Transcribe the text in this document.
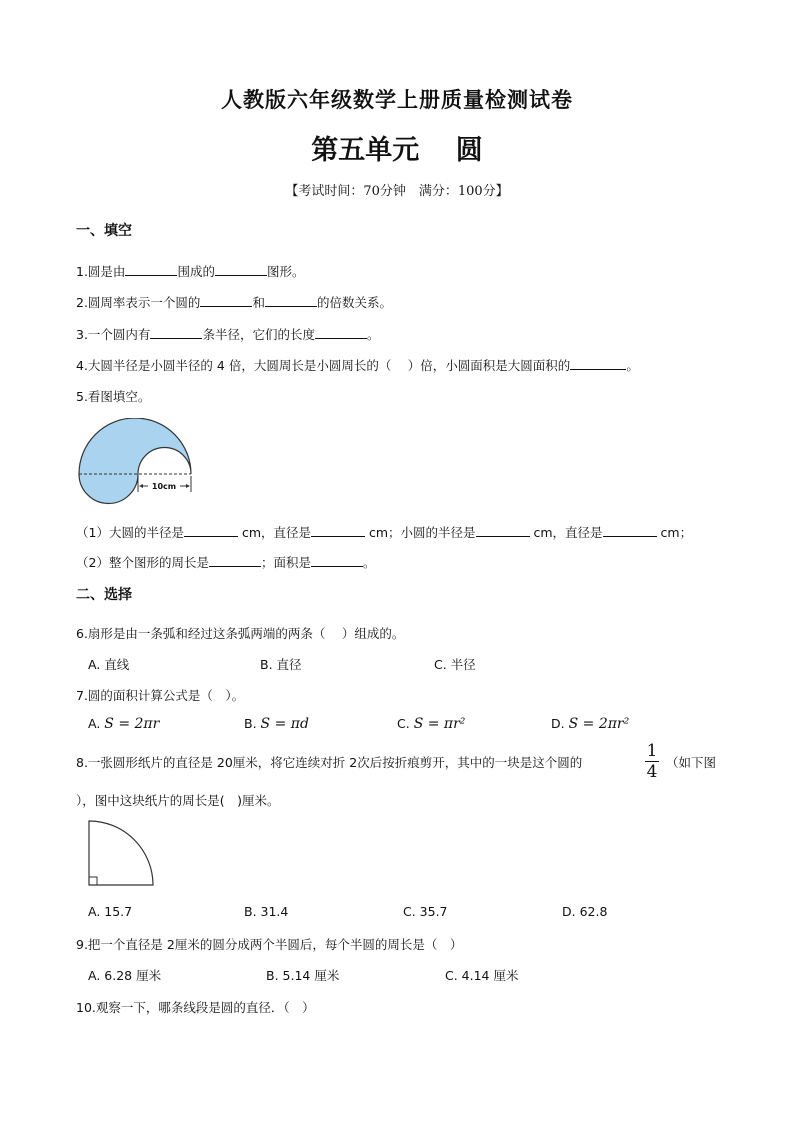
人教版六年级数学上册质量检测试卷
第五单元　 圆
【考试时间：70分钟　满分：100分】
一、填空
1.圆是由	围成的	图形。
2.圆周率表示一个圆的	和	的倍数关系。
3.一个圆内有	条半径，它们的长度	。
4.大圆半径是小圆半径的 4 倍，大圆周长是小圆周长的（　 ）倍，小圆面积是大圆面积的	。
5.看图填空。
10cm
（1）大圆的半径是	cm，直径是	cm；小圆的半径是	cm，直径是	cm；
（2）整个图形的周长是	；面积是	。
二、选择
6.扇形是由一条弧和经过这条弧两端的两条（　 ）组成的。
A. 直线	B. 直径	C. 半径
7.圆的面积计算公式是（　）。
A. S = 2πr	B. S = πd	C. S = πr²	D. S = 2πr²
8.一张圆形纸片的直径是 20厘米，将它连续对折 2次后按折痕剪开，其中的一块是这个圆的
1
4 （如下图
），图中这块纸片的周长是(　)厘米。
A. 15.7	B. 31.4	C. 35.7	D. 62.8
9.把一个直径是 2厘米的圆分成两个半圆后，每个半圆的周长是（　）
A. 6.28 厘米	B. 5.14 厘米	C. 4.14 厘米
10.观察一下，哪条线段是圆的直径．（　）
